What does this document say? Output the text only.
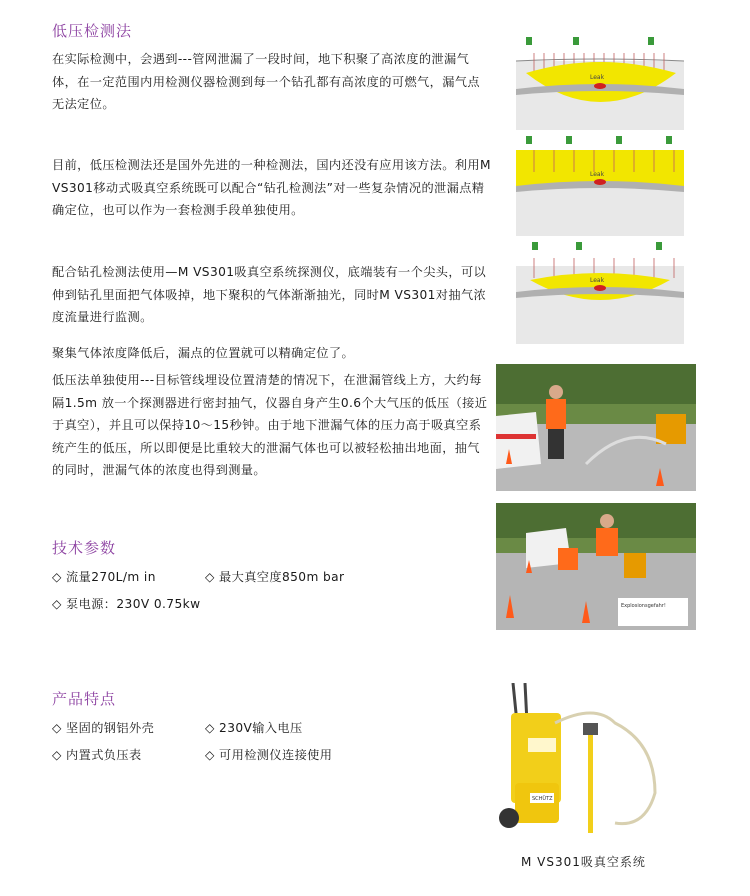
低压检测法

在实际检测中，会遇到---管网泄漏了一段时间，地下积聚了高浓度的泄漏气体，在一定范围内用检测仪器检测到每一个钻孔都有高浓度的可燃气，漏气点无法定位。

目前，低压检测法还是国外先进的一种检测法，国内还没有应用该方法。利用M VS301移动式吸真空系统既可以配合“钻孔检测法”对一些复杂情况的泄漏点精确定位，也可以作为一套检测手段单独使用。

配合钻孔检测法使用—M VS301吸真空系统探测仪，底端装有一个尖头，可以伸到钻孔里面把气体吸掉，地下聚积的气体渐渐抽光，同时M VS301对抽气浓度流量进行监测。

聚集气体浓度降低后，漏点的位置就可以精确定位了。

低压法单独使用---目标管线埋设位置清楚的情况下，在泄漏管线上方，大约每隔1.5m 放一个探测器进行密封抽气，仪器自身产生0.6个大气压的低压（接近于真空），并且可以保持10～15秒钟。由于地下泄漏气体的压力高于吸真空系统产生的低压，所以即便是比重较大的泄漏气体也可以被轻松抽出地面，抽气的同时，泄漏气体的浓度也得到测量。

技术参数
◇ 流量270L/m in	◇ 最大真空度850m bar
◇ 泵电源：230V 0.75kw
产品特点
◇ 坚固的钢铝外壳	◇ 230V输入电压
◇ 内置式负压表	◇ 可用检测仪连接使用
Leak
Leak
Leak
Explosionsgefahr!
SCHÜTZ
M VS301吸真空系统
